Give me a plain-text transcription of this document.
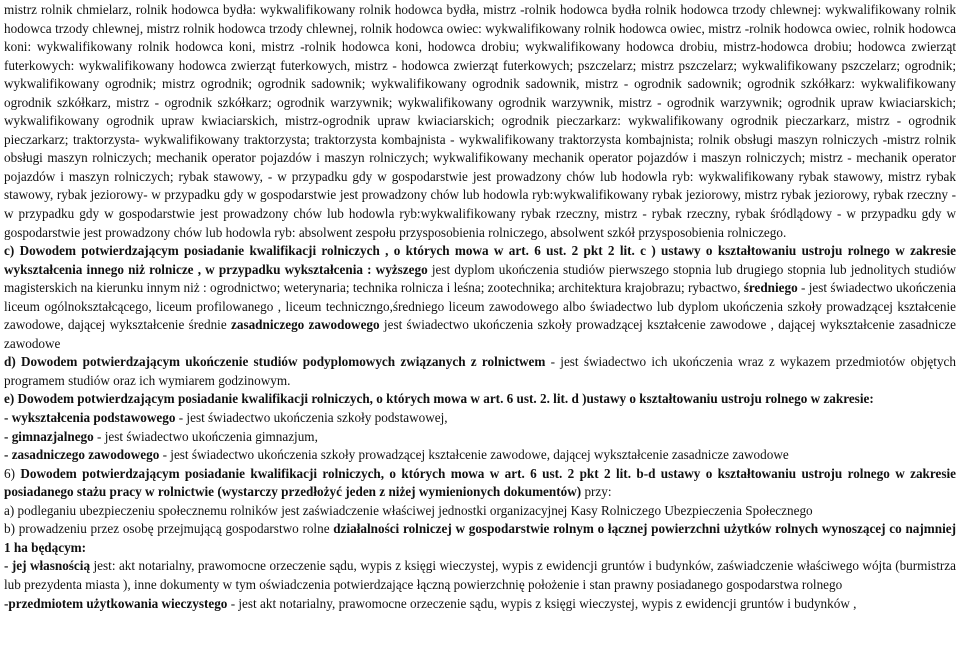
mistrz rolnik chmielarz, rolnik hodowca bydła: wykwalifikowany rolnik hodowca bydła, mistrz -rolnik hodowca bydła rolnik hodowca trzody chlewnej: wykwalifikowany rolnik hodowca trzody chlewnej, mistrz rolnik hodowca trzody chlewnej, rolnik hodowca owiec: wykwalifikowany rolnik hodowca owiec, mistrz -rolnik hodowca owiec, rolnik hodowca koni: wykwalifikowany rolnik hodowca koni, mistrz -rolnik hodowca koni, hodowca drobiu; wykwalifikowany hodowca drobiu, mistrz-hodowca drobiu; hodowca zwierząt futerkowych: wykwalifikowany hodowca zwierząt futerkowych, mistrz - hodowca zwierząt futerkowych; pszczelarz; mistrz pszczelarz; wykwalifikowany pszczelarz; ogrodnik; wykwalifikowany ogrodnik; mistrz ogrodnik; ogrodnik sadownik; wykwalifikowany ogrodnik sadownik, mistrz - ogrodnik sadownik; ogrodnik szkółkarz: wykwalifikowany ogrodnik szkółkarz, mistrz - ogrodnik szkółkarz; ogrodnik warzywnik; wykwalifikowany ogrodnik warzywnik, mistrz - ogrodnik warzywnik; ogrodnik upraw kwiaciarskich; wykwalifikowany ogrodnik upraw kwiaciarskich, mistrz-ogrodnik upraw kwiaciarskich; ogrodnik pieczarkarz: wykwalifikowany ogrodnik pieczarkarz, mistrz - ogrodnik pieczarkarz; traktorzysta- wykwalifikowany traktorzysta; traktorzysta kombajnista - wykwalifikowany traktorzysta kombajnista; rolnik obsługi maszyn rolniczych -mistrz rolnik obsługi maszyn rolniczych; mechanik operator pojazdów i maszyn rolniczych; wykwalifikowany mechanik operator pojazdów i maszyn rolniczych; mistrz - mechanik operator pojazdów i maszyn rolniczych; rybak stawowy, - w przypadku gdy w gospodarstwie jest prowadzony chów lub hodowla ryb: wykwalifikowany rybak stawowy, mistrz rybak stawowy, rybak jeziorowy- w przypadku gdy w gospodarstwie jest prowadzony chów lub hodowla ryb:wykwalifikowany rybak jeziorowy, mistrz rybak jeziorowy, rybak rzeczny -w przypadku gdy w gospodarstwie jest prowadzony chów lub hodowla ryb:wykwalifikowany rybak rzeczny, mistrz - rybak rzeczny, rybak śródlądowy - w przypadku gdy w gospodarstwie jest prowadzony chów lub hodowla ryb: absolwent zespołu przysposobienia rolniczego, absolwent szkół przysposobienia rolniczego.

c) Dowodem potwierdzającym posiadanie kwalifikacji rolniczych , o których mowa w art. 6 ust. 2 pkt 2 lit. c ) ustawy o kształtowaniu ustroju rolnego w zakresie wykształcenia innego niż rolnicze , w przypadku wykształcenia : wyższego jest dyplom ukończenia studiów pierwszego stopnia lub drugiego stopnia lub jednolitych studiów magisterskich na kierunku innym niż : ogrodnictwo; weterynaria; technika rolnicza i leśna; zootechnika; architektura krajobrazu; rybactwo, średniego - jest świadectwo ukończenia liceum ogólnokształcącego, liceum profilowanego , liceum techniczngo,średniego liceum zawodowego albo świadectwo lub dyplom ukończenia szkoły prowadzącej kształcenie zawodowe, dającej wykształcenie średnie zasadniczego zawodowego jest świadectwo ukończenia szkoły prowadzącej kształcenie zawodowe , dającej wykształcenie zasadnicze zawodowe

d) Dowodem potwierdzającym ukończenie studiów podyplomowych związanych z rolnictwem - jest świadectwo ich ukończenia wraz z wykazem przedmiotów objętych programem studiów oraz ich wymiarem godzinowym.

e) Dowodem potwierdzającym posiadanie kwalifikacji rolniczych, o których mowa w art. 6 ust. 2. lit. d )ustawy o kształtowaniu ustroju rolnego w zakresie:

- wykształcenia podstawowego - jest świadectwo ukończenia szkoły podstawowej,

- gimnazjalnego - jest świadectwo ukończenia gimnazjum,

- zasadniczego zawodowego - jest świadectwo ukończenia szkoły prowadzącej kształcenie zawodowe, dającej wykształcenie zasadnicze zawodowe

6) Dowodem potwierdzającym posiadanie kwalifikacji rolniczych, o których mowa w art. 6 ust. 2 pkt 2 lit. b-d ustawy o kształtowaniu ustroju rolnego w zakresie posiadanego stażu pracy w rolnictwie (wystarczy przedłożyć jeden z niżej wymienionych dokumentów) przy:

a) podleganiu ubezpieczeniu społecznemu rolników jest zaświadczenie właściwej jednostki organizacyjnej Kasy Rolniczego Ubezpieczenia Społecznego

b) prowadzeniu przez osobę przejmującą gospodarstwo rolne działalności rolniczej w gospodarstwie rolnym o łącznej powierzchni użytków rolnych wynoszącej co najmniej 1 ha będącym:

- jej własnością jest: akt notarialny, prawomocne orzeczenie sądu, wypis z księgi wieczystej, wypis z ewidencji gruntów i budynków, zaświadczenie właściwego wójta (burmistrza lub prezydenta miasta ), inne dokumenty w tym oświadczenia potwierdzające łączną powierzchnię położenie i stan prawny posiadanego gospodarstwa rolnego

-przedmiotem użytkowania wieczystego - jest akt notarialny, prawomocne orzeczenie sądu, wypis z księgi wieczystej, wypis z ewidencji gruntów i budynków ,
